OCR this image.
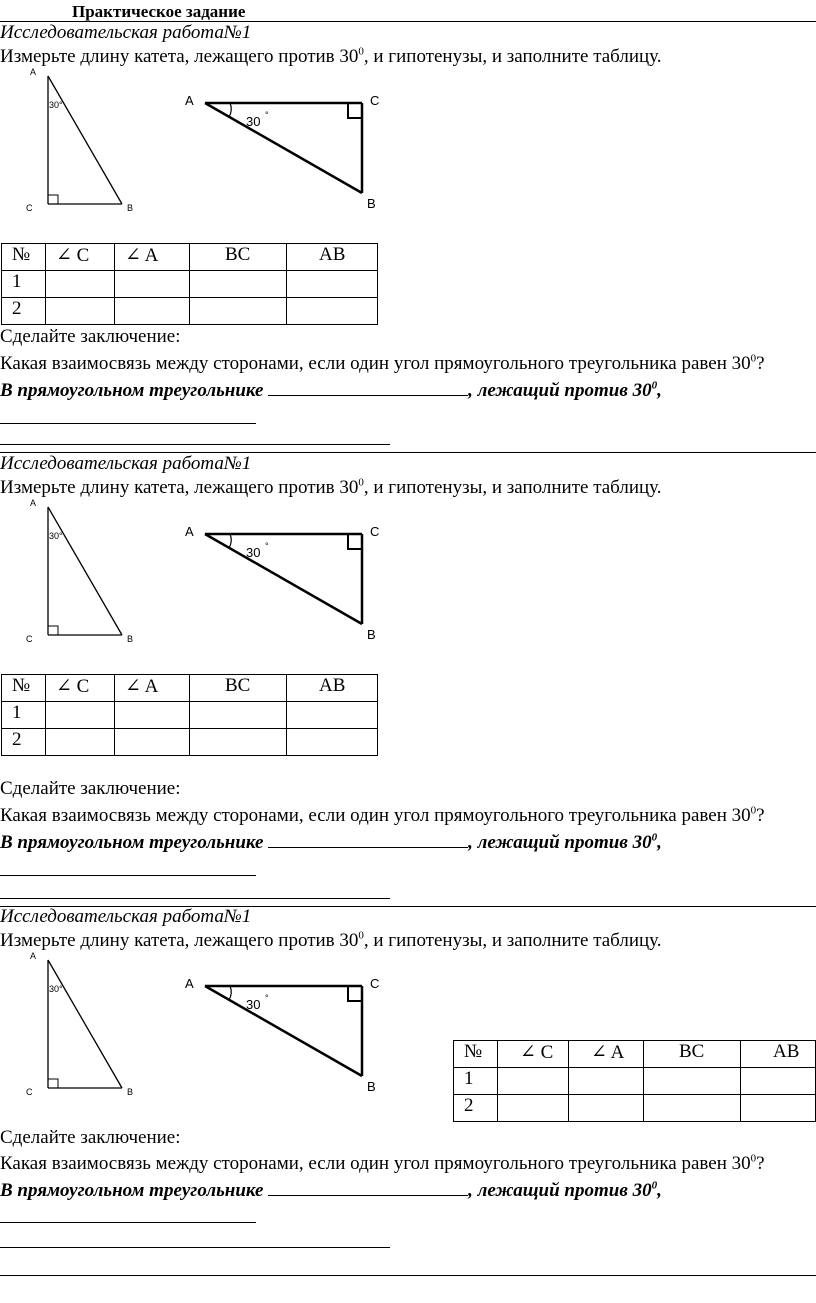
Практическое задание
Исследовательская работа№1
Измерьте длину катета, лежащего против $30^0$, и гипотенузы, и заполните таблицу.
A
30°
C	B
A
30 °
C
B
№	∠ C	∠ A	BC	AB
1				
2				
Сделайте заключение:
Какая взаимосвязь между сторонами, если один угол прямоугольного треугольника равен $30^0$?
В прямоугольном треугольнике	, лежащий против $30^0$,
Исследовательская работа№1
Измерьте длину катета, лежащего против $30^0$, и гипотенузы, и заполните таблицу.
A
30°
C	B
A
30 °
C
B
№	∠ C	∠ A	BC	AB
1				
2				
Сделайте заключение:
Какая взаимосвязь между сторонами, если один угол прямоугольного треугольника равен $30^0$?
В прямоугольном треугольнике	, лежащий против $30^0$,
Исследовательская работа№1
Измерьте длину катета, лежащего против $30^0$, и гипотенузы, и заполните таблицу.
A
30°
C	B
A
30 °
C
B
№	∠ C	∠ A	BC	AB
1				
2				
Сделайте заключение:
Какая взаимосвязь между сторонами, если один угол прямоугольного треугольника равен $30^0$?
В прямоугольном треугольнике	, лежащий против $30^0$,
